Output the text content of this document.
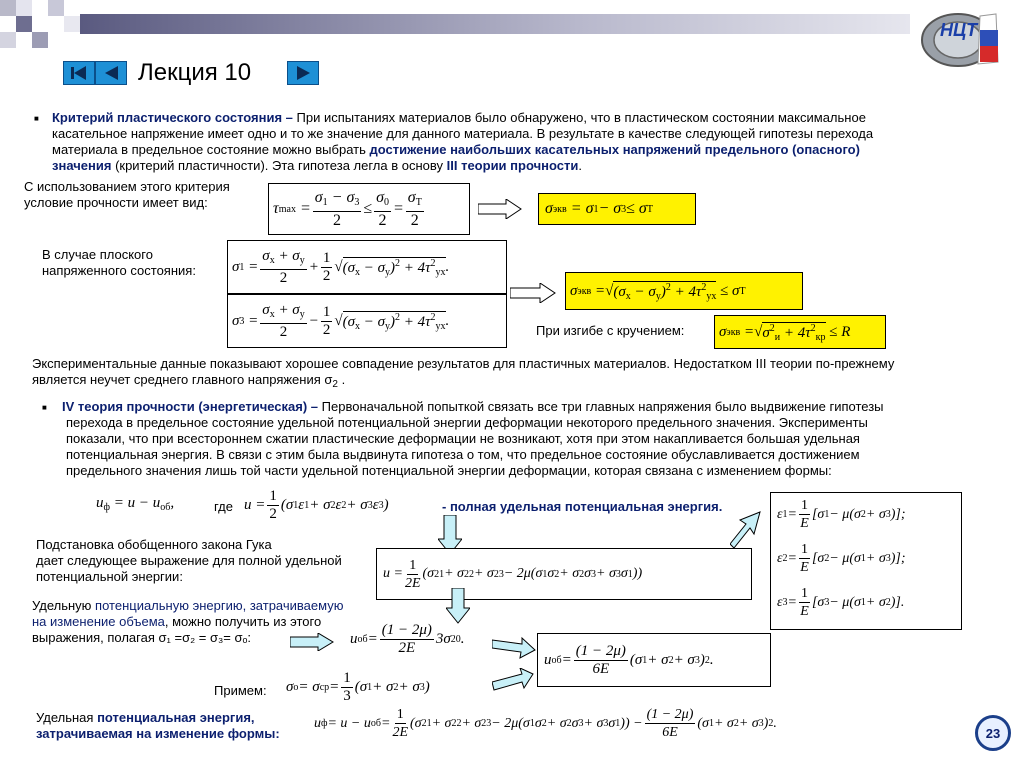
НЦТ
Лекция 10
■ Критерий пластического состояния – При испытаниях материалов было обнаружено, что в пластическом состоянии максимальное
касательное напряжение имеет одно и то же значение для данного материала. В результате в качестве следующей гипотезы перехода
материала в предельное состояние можно выбрать достижение наибольших касательных напряжений предельного (опасного)
значения (критерий пластичности). Эта гипотеза легла в основу III теории прочности.
С использованием этого критерия
условие прочности имеет вид:	τ $\max = \frac{\sigma_1 - \sigma_3}{2} \le \frac{\sigma_0}{2} = \frac{\sigma_T}{2}$	σ экв = σ 1 − σ 3 ≤ σ T
В случае плоского
напряженного состояния:	σ $1 = \frac{\sigma_x + \sigma_y}{2} + \frac{1}{2}$ √ $(\sigma_x - \sigma_y)^2 + 4\tau^2_{yx}$ .
σ $3 = \frac{\sigma_x + \sigma_y}{2} - \frac{1}{2}$ √ $(\sigma_x - \sigma_y)^2 + 4\tau^2_{yx}$ .
σ экв = √ $(\sigma_x - \sigma_y)^2 + 4\tau^2_{yx} \le \sigma$ T
При изгибе с кручением:	σ экв = √ $\sigma^2_и + 4\tau^2_{кр} \le R$
Экспериментальные данные показывают хорошее совпадение результатов для пластичных материалов. Недостатком III теории по-прежнему
является неучет среднего главного напряжения $\sigma_2$ .
■ IV теория прочности (энергетическая) – Первоначальной попыткой связать все три главных напряжения было выдвижение гипотезы
перехода в предельное состояние удельной потенциальной энергии деформации некоторого предельного значения. Эксперименты
показали, что при всестороннем сжатии пластические деформации не возникают, хотя при этом накапливается большая удельная
потенциальная энергия. В связи с этим была выдвинута гипотеза о том, что предельное состояние обуславливается достижением
предельного значения лишь той части удельной потенциальной энергии деформации, которая связана с изменением формы:
$u_ф = u - u_{об}$,	где $u = \frac{1}{2} (\sigma$ 1 ε 1 + σ 2 ε 2 + σ 3 ε 3 )	- полная удельная потенциальная энергия.	ε $1 = \frac{1}{E} [\sigma$ 1 − μ(σ 2 + σ 3 )];
ε $2 = \frac{1}{E} [\sigma$ 2 − μ(σ 1 + σ 3 )];
ε $3 = \frac{1}{E} [\sigma$ 3 − μ(σ 1 + σ 2 )].
Подстановка обобщенного закона Гука
дает следующее выражение для полной удельной
потенциальной энергии:	$u = \frac{1}{2E} (\sigma$ 2 1 + σ 2 2 + σ 2 3 − 2μ(σ 1 σ 2 + σ 2 σ 3 + σ 3 σ 1 ))
Удельную потенциальную энергию, затрачиваемую
на изменение объема, можно получить из этого
выражения, полагая σ₁ =σ₂ = σ₃= σₒ:	u об = $\frac{(1 - 2\mu)}{2E} 3\sigma$ 2 0 .
u об = $\frac{(1 - 2\mu)}{6E} (\sigma$ 1 + σ 2 + σ 3 ) 2 .
Примем: σ о = σ ср = $\frac{1}{3} (\sigma$ 1 + σ 2 + σ 3 )
Удельная потенциальная энергия,
затрачиваемая на изменение формы:
u ф = u − u об = $\frac{1}{2E} (\sigma$ 2 1 + σ 2 2 + σ 2 3 − 2μ(σ 1 σ 2 + σ 2 σ 3 + σ 3 σ 1 )) − $\frac{(1 - 2\mu)}{6E} (\sigma$ 1 + σ 2 + σ 3 ) 2 .
23
